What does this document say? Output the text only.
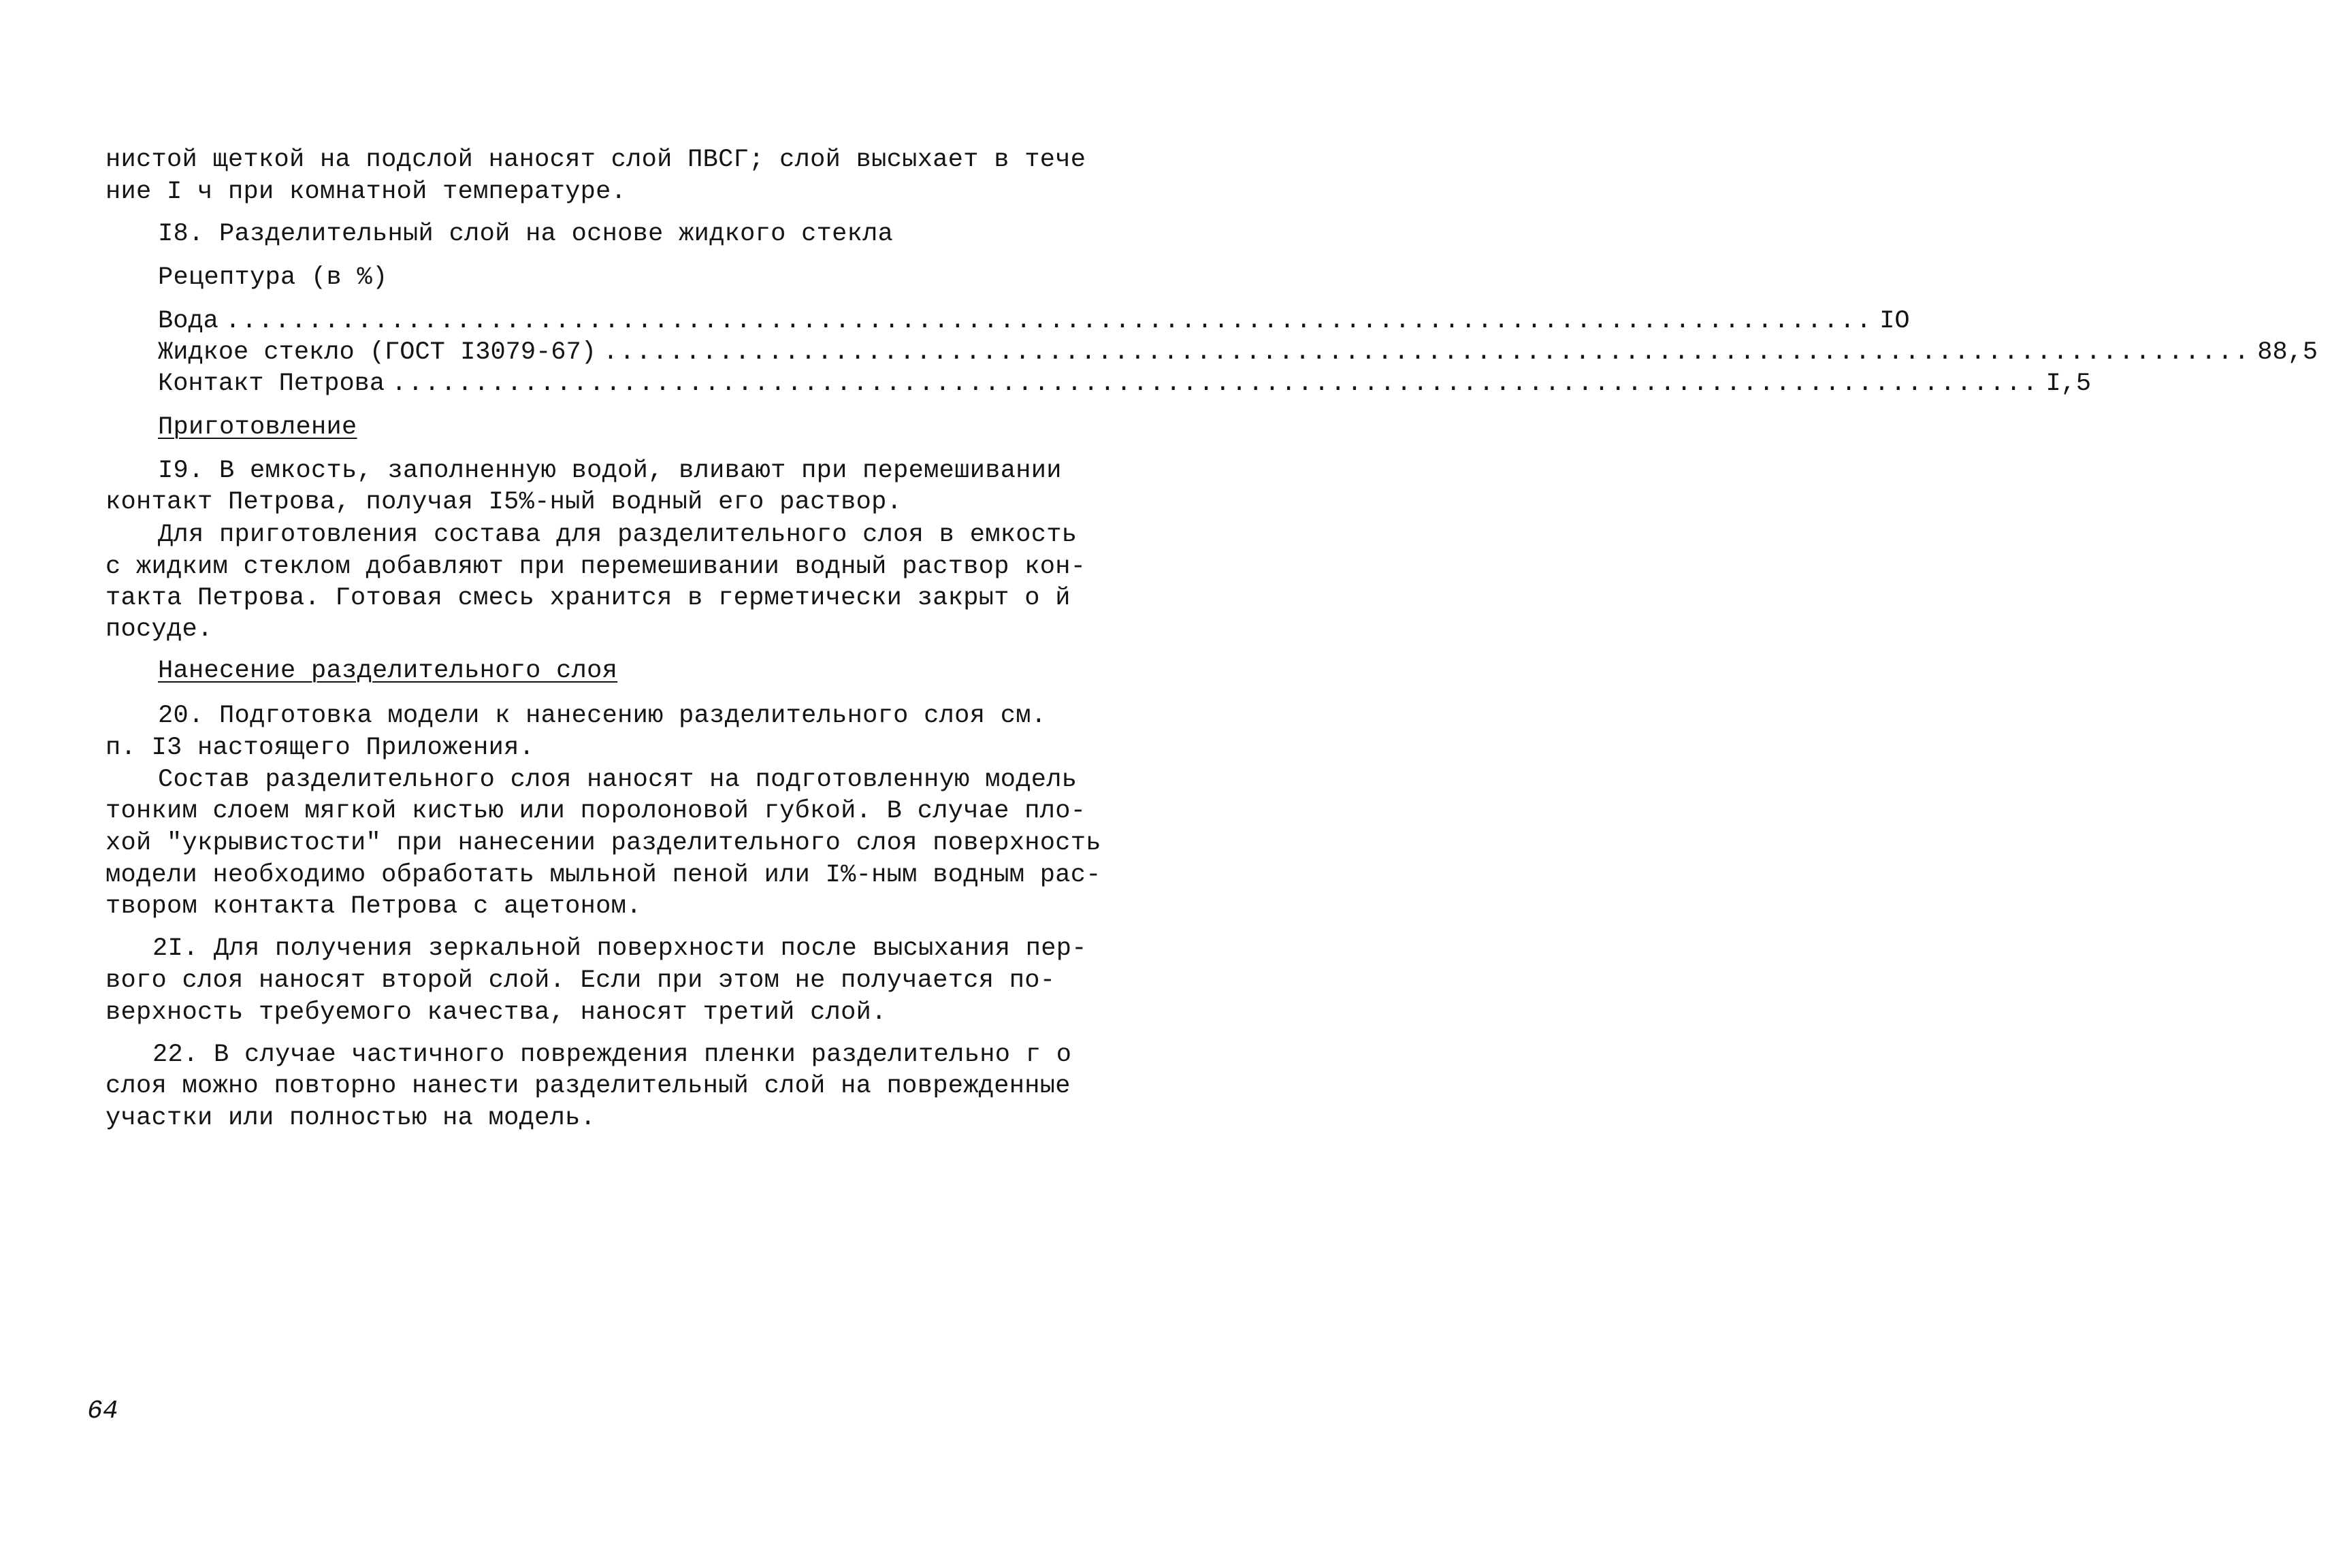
нистой щеткой на подслой наносят слой ПВСГ; слой высыхает в тече
ние I ч при комнатной температуре.
I8. Разделительный слой на основе жидкого стекла
Рецептура (в %)
Вода .................................................................................................... IO
Жидкое стекло (ГОСТ I3079-67) .................................................................................................... 88,5
Контакт Петрова .................................................................................................... I,5
Приготовление
I9. В емкость, заполненную водой, вливают при перемешивании
контакт Петрова, получая I5%-ный водный его раствор.
Для приготовления состава для разделительного слоя в емкость
с жидким стеклом добавляют при перемешивании водный раствор кон-
такта Петрова. Готовая смесь хранится в герметически закрыт о й
посуде.
Нанесение разделительного слоя
20. Подготовка модели к нанесению разделительного слоя см.
п. I3 настоящего Приложения.
Состав разделительного слоя наносят на подготовленную модель
тонким слоем мягкой кистью или поролоновой губкой. В случае пло-
хой "укрывистости" при нанесении разделительного слоя поверхность
модели необходимо обработать мыльной пеной или I%-ным водным рас-
твором контакта Петрова с ацетоном.
2I. Для получения зеркальной поверхности после высыхания пер-
вого слоя наносят второй слой. Если при этом не получается по-
верхность требуемого качества, наносят третий слой.
22. В случае частичного повреждения пленки разделительно г о
слоя можно повторно нанести разделительный слой на поврежденные
участки или полностью на модель.
64
